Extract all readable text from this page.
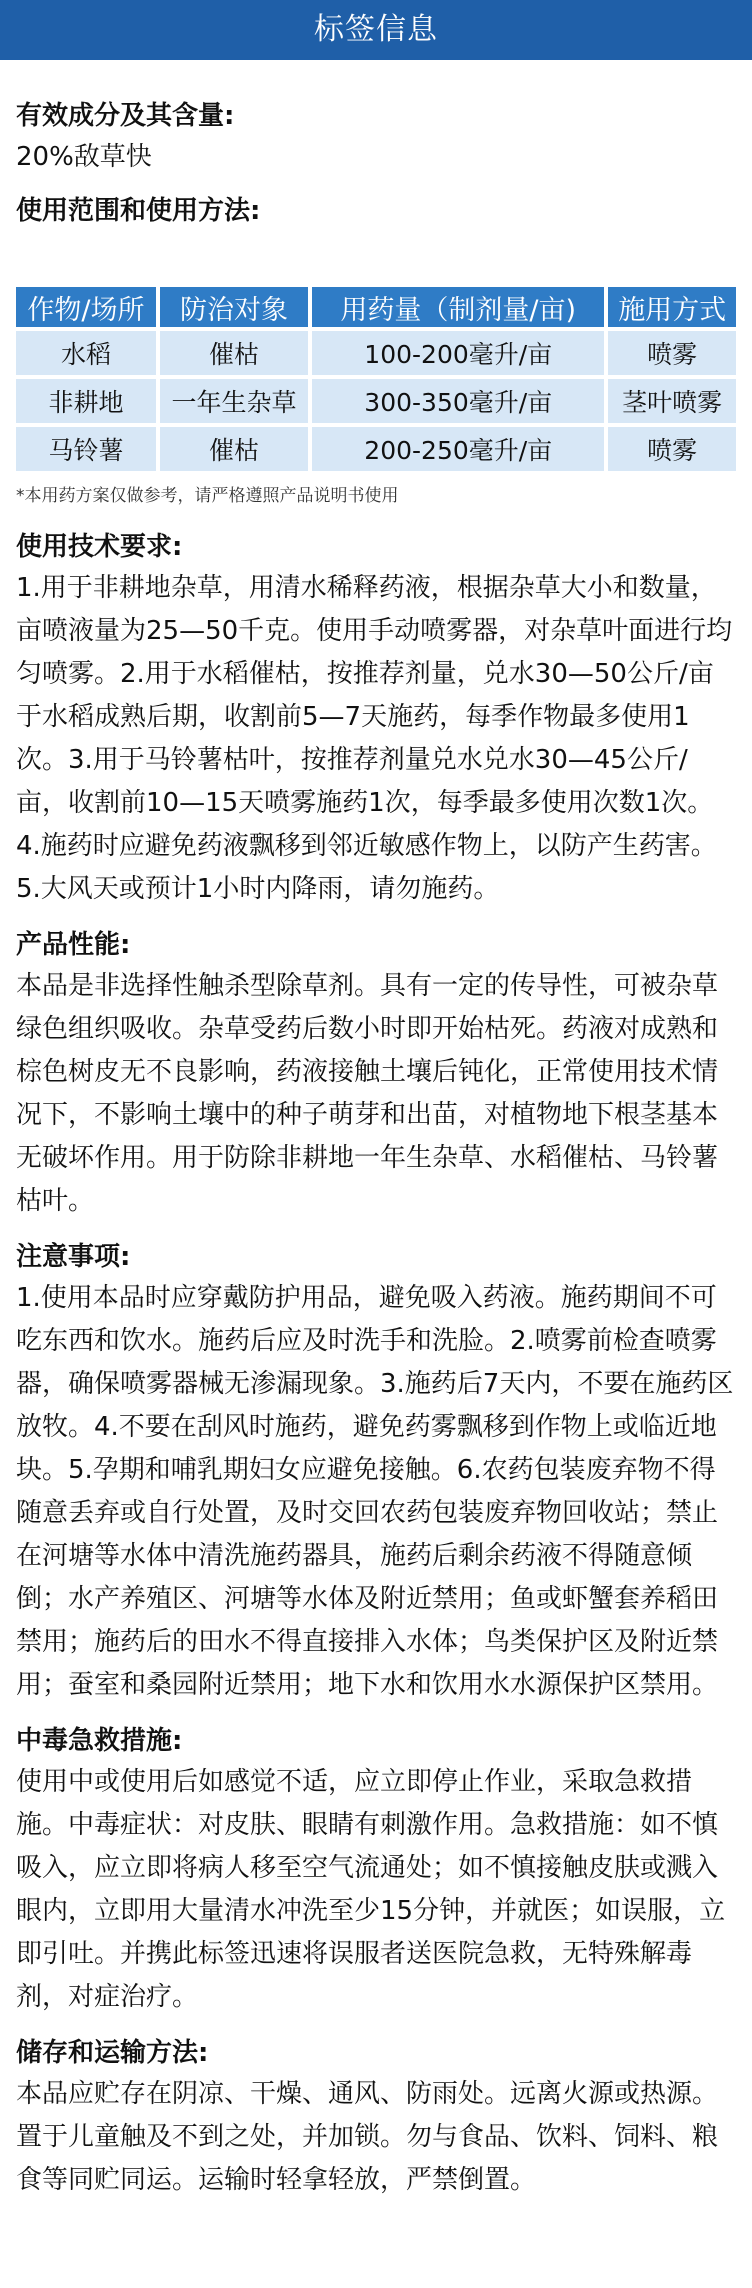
标签信息
有效成分及其含量:
20%敌草快
使用范围和使用方法:
作物/场所	防治对象	用药量（制剂量/亩)	施用方式
水稻	催枯	100-200毫升/亩	喷雾
非耕地	一年生杂草	300-350毫升/亩	茎叶喷雾
马铃薯	催枯	200-250毫升/亩	喷雾
*本用药方案仅做参考，请严格遵照产品说明书使用
使用技术要求:
1.用于非耕地杂草，用清水稀释药液，根据杂草大小和数量，亩喷液量为25—50千克。使用手动喷雾器，对杂草叶面进行均匀喷雾。2.用于水稻催枯，按推荐剂量，兑水30—50公斤/亩于水稻成熟后期，收割前5—7天施药，每季作物最多使用1次。3.用于马铃薯枯叶，按推荐剂量兑水兑水30—45公斤/亩，收割前10—15天喷雾施药1次，每季最多使用次数1次。4.施药时应避免药液飘移到邻近敏感作物上，以防产生药害。5.大风天或预计1小时内降雨，请勿施药。
产品性能:
本品是非选择性触杀型除草剂。具有一定的传导性，可被杂草绿色组织吸收。杂草受药后数小时即开始枯死。药液对成熟和棕色树皮无不良影响，药液接触土壤后钝化，正常使用技术情况下，不影响土壤中的种子萌芽和出苗，对植物地下根茎基本无破坏作用。用于防除非耕地一年生杂草、水稻催枯、马铃薯枯叶。
注意事项:
1.使用本品时应穿戴防护用品，避免吸入药液。施药期间不可吃东西和饮水。施药后应及时洗手和洗脸。2.喷雾前检查喷雾器，确保喷雾器械无渗漏现象。3.施药后7天内，不要在施药区放牧。4.不要在刮风时施药，避免药雾飘移到作物上或临近地块。5.孕期和哺乳期妇女应避免接触。6.农药包装废弃物不得随意丢弃或自行处置，及时交回农药包装废弃物回收站；禁止在河塘等水体中清洗施药器具，施药后剩余药液不得随意倾倒；水产养殖区、河塘等水体及附近禁用；鱼或虾蟹套养稻田禁用；施药后的田水不得直接排入水体；鸟类保护区及附近禁用；蚕室和桑园附近禁用；地下水和饮用水水源保护区禁用。
中毒急救措施:
使用中或使用后如感觉不适，应立即停止作业，采取急救措施。中毒症状：对皮肤、眼睛有刺激作用。急救措施：如不慎吸入，应立即将病人移至空气流通处；如不慎接触皮肤或溅入眼内，立即用大量清水冲洗至少15分钟，并就医；如误服，立即引吐。并携此标签迅速将误服者送医院急救，无特殊解毒剂，对症治疗。
储存和运输方法:
本品应贮存在阴凉、干燥、通风、防雨处。远离火源或热源。置于儿童触及不到之处，并加锁。勿与食品、饮料、饲料、粮食等同贮同运。运输时轻拿轻放，严禁倒置。
